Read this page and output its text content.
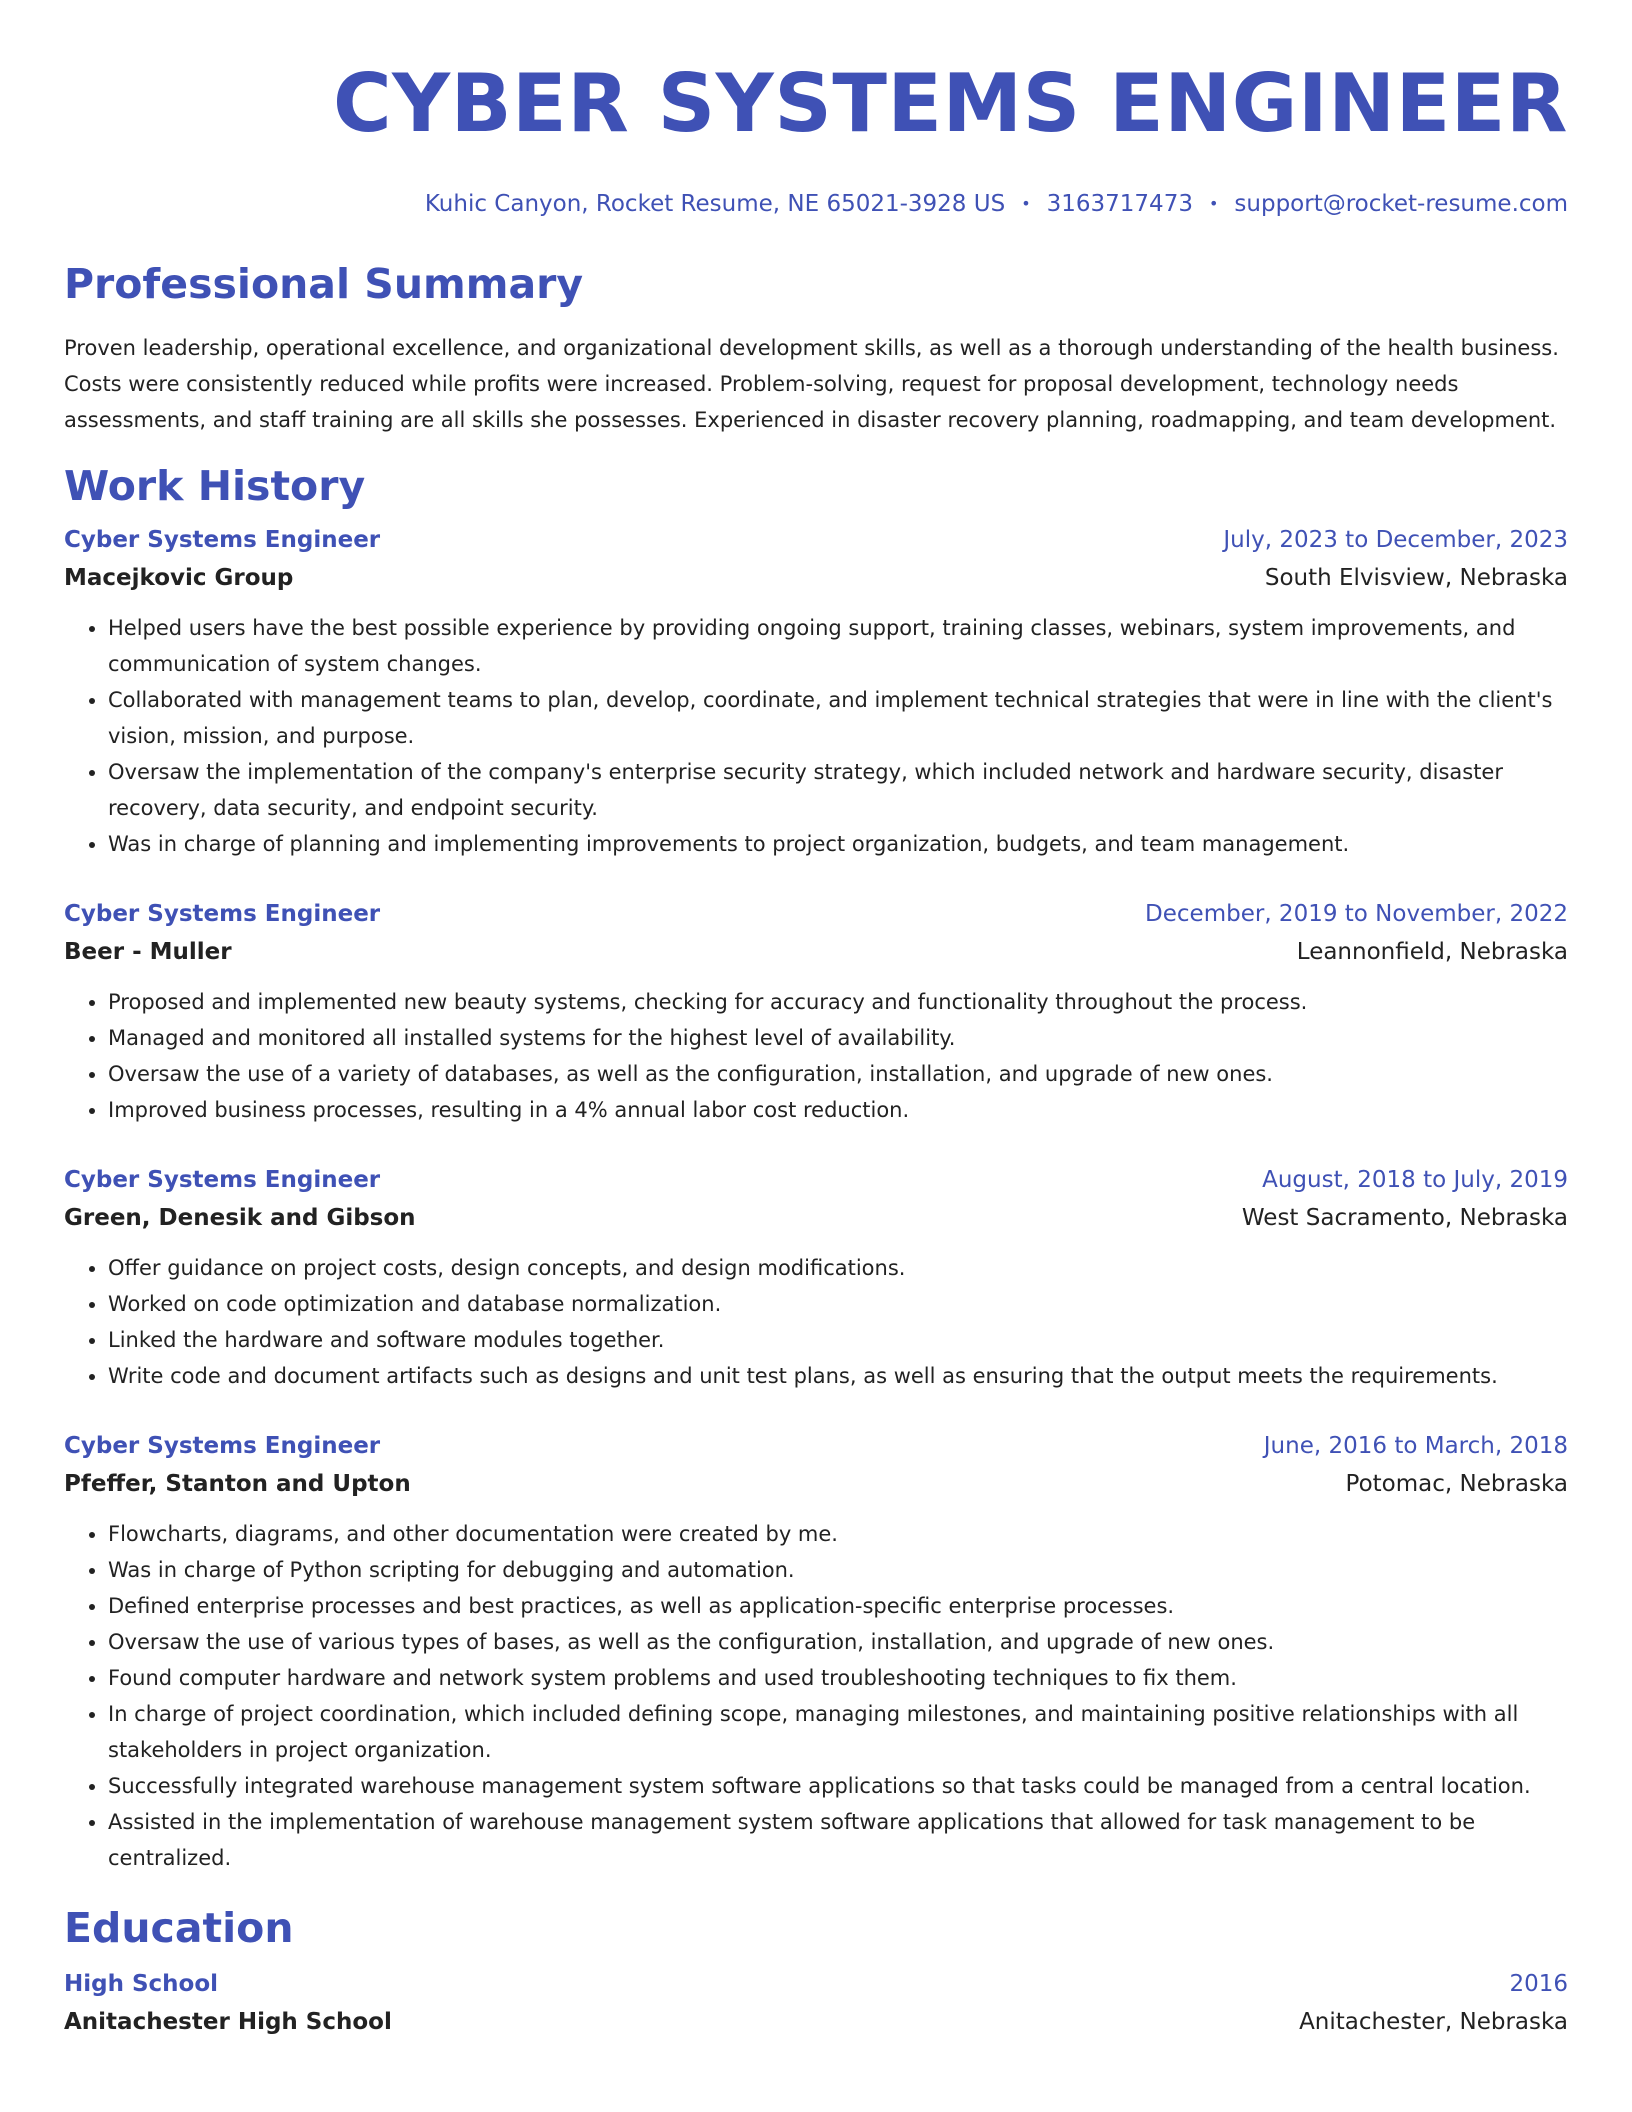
CYBER SYSTEMS ENGINEER
Kuhic Canyon, Rocket Resume, NE 65021-3928 US • 3163717473 • support@rocket-resume.com
Professional Summary
Proven leadership, operational excellence, and organizational development skills, as well as a thorough understanding of the health business. Costs were consistently reduced while profits were increased. Problem-solving, request for proposal development, technology needs assessments, and staff training are all skills she possesses. Experienced in disaster recovery planning, roadmapping, and team development.
Work History
Cyber Systems Engineer	July, 2023 to December, 2023
Macejkovic Group	South Elvisview, Nebraska
• Helped users have the best possible experience by providing ongoing support, training classes, webinars, system improvements, and communication of system changes.
• Collaborated with management teams to plan, develop, coordinate, and implement technical strategies that were in line with the client's vision, mission, and purpose.
• Oversaw the implementation of the company's enterprise security strategy, which included network and hardware security, disaster recovery, data security, and endpoint security.
• Was in charge of planning and implementing improvements to project organization, budgets, and team management.
Cyber Systems Engineer	December, 2019 to November, 2022
Beer - Muller	Leannonfield, Nebraska
• Proposed and implemented new beauty systems, checking for accuracy and functionality throughout the process.
• Managed and monitored all installed systems for the highest level of availability.
• Oversaw the use of a variety of databases, as well as the configuration, installation, and upgrade of new ones.
• Improved business processes, resulting in a 4% annual labor cost reduction.
Cyber Systems Engineer	August, 2018 to July, 2019
Green, Denesik and Gibson	West Sacramento, Nebraska
• Offer guidance on project costs, design concepts, and design modifications.
• Worked on code optimization and database normalization.
• Linked the hardware and software modules together.
• Write code and document artifacts such as designs and unit test plans, as well as ensuring that the output meets the requirements.
Cyber Systems Engineer	June, 2016 to March, 2018
Pfeffer, Stanton and Upton	Potomac, Nebraska
• Flowcharts, diagrams, and other documentation were created by me.
• Was in charge of Python scripting for debugging and automation.
• Defined enterprise processes and best practices, as well as application-specific enterprise processes.
• Oversaw the use of various types of bases, as well as the configuration, installation, and upgrade of new ones.
• Found computer hardware and network system problems and used troubleshooting techniques to fix them.
• In charge of project coordination, which included defining scope, managing milestones, and maintaining positive relationships with all stakeholders in project organization.
• Successfully integrated warehouse management system software applications so that tasks could be managed from a central location.
• Assisted in the implementation of warehouse management system software applications that allowed for task management to be centralized.
Education
High School	2016
Anitachester High School	Anitachester, Nebraska
